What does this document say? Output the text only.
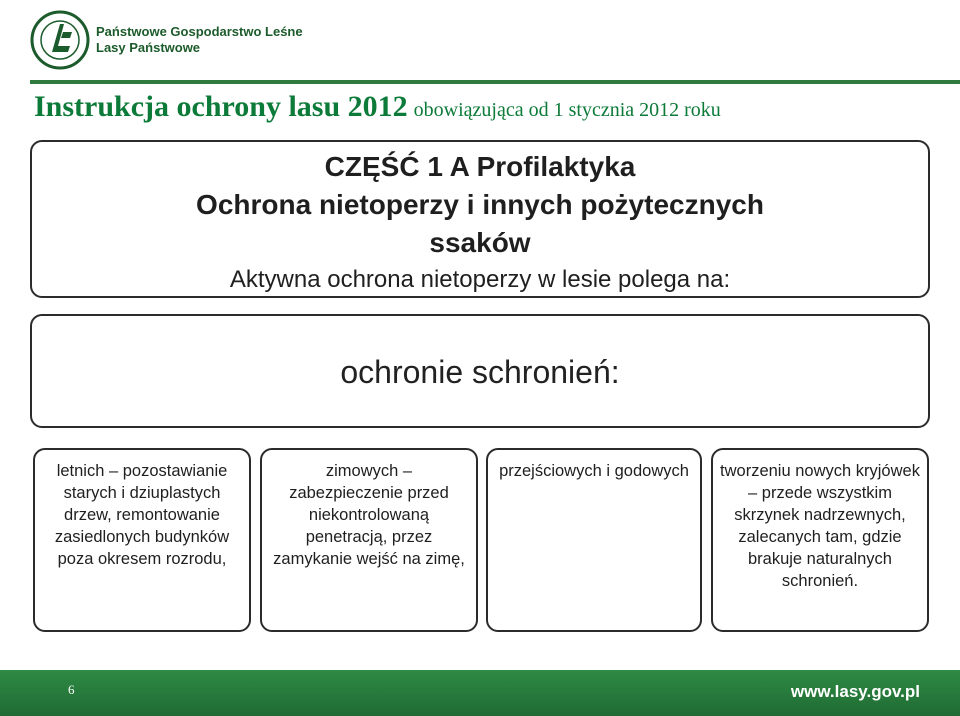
Państwowe Gospodarstwo Leśne
Lasy Państwowe
Instrukcja ochrony lasu 2012 obowiązująca od 1 stycznia 2012 roku
CZĘŚĆ 1 A Profilaktyka
Ochrona nietoperzy i innych pożytecznych
ssaków
Aktywna ochrona nietoperzy w lesie polega na:
ochronie schronień:
letnich – pozostawianie starych i dziuplastych drzew, remontowanie zasiedlonych budynków poza okresem rozrodu,
zimowych – zabezpieczenie przed niekontrolowaną penetracją, przez zamykanie wejść na zimę,
przejściowych i godowych	tworzeniu nowych kryjówek – przede wszystkim skrzynek nadrzewnych, zalecanych tam, gdzie brakuje naturalnych schronień.
6	www.lasy.gov.pl
